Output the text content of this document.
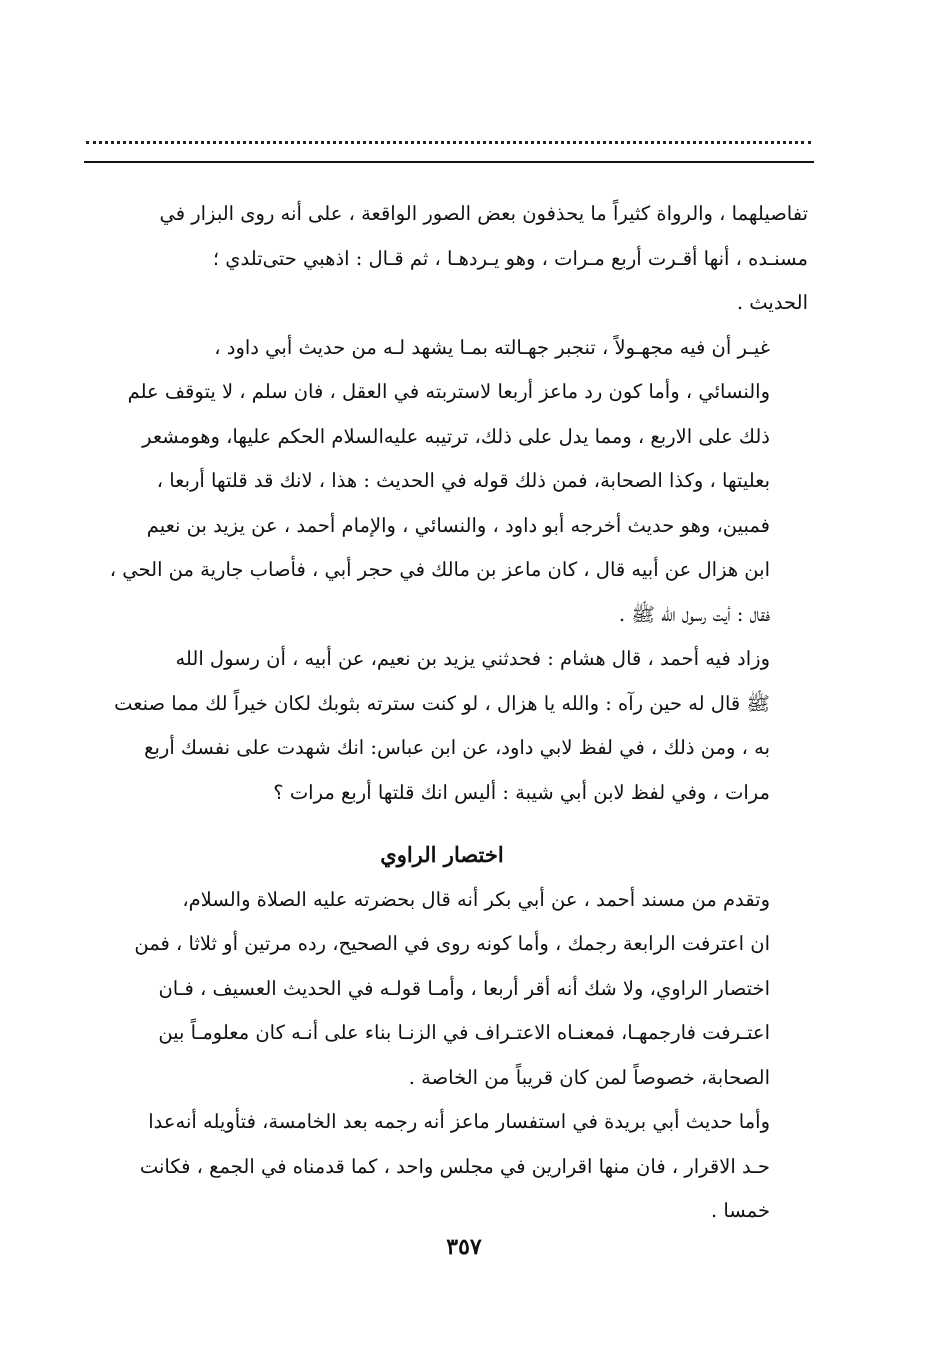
تفاصيلهما ، والرواة كثيراً ما يحذفون بعض الصور الواقعة ، على أنه روى البزار في
مسنـده ، أنها أقـرت أربع مـرات ، وهو يـردهـا ، ثم قـال : اذهبي حتى‌تلدي ؛
الحديث .

غيـر أن فيه مجهـولاً ، تنجبر جهـالته بمـا يشهد لـه من حديث أبي داود ،
والنسائي ، وأما كون رد ماعز أربعا لاستربته في العقل ، فان سلم ، لا يتوقف علم
ذلك على الاربع ، ومما يدل على ذلك، ترتيبه عليه‌السلام الحكم عليها، وهومشعر
بعليتها ، وكذا الصحابة، فمن ذلك قوله في الحديث : هذا ، لانك قد قلتها أربعا ،
فمبين، وهو حديث أخرجه أبو داود ، والنسائي ، والإمام أحمد ، عن يزيد بن نعيم
ابن هزال عن أبيه قال ، كان ماعز بن مالك في حجر أبي ، فأصاب جارية من الحي ،
فقال : أيت رسول الله ﷺ .

وزاد فيه أحمد ، قال هشام : فحدثني يزيد بن نعيم، عن أبيه ، أن رسول الله
ﷺ قال له حين رآه : والله يا هزال ، لو كنت سترته بثوبك لكان خيراً لك مما صنعت
به ، ومن ذلك ، في لفظ لابي داود، عن ابن عباس: انك شهدت على نفسك أربع
مرات ، وفي لفظ لابن أبي شيبة : أليس انك قلتها أربع مرات ؟

اختصار الراوي

وتقدم من مسند أحمد ، عن أبي بكر أنه قال بحضرته عليه الصلاة والسلام،
ان اعترفت الرابعة رجمك ، وأما كونه روى في الصحيح، رده مرتين أو ثلاثا ، فمن
اختصار الراوي، ولا شك أنه أقر أربعا ، وأمـا قولـه في الحديث العسيف ، فـان
اعتـرفت فارجمهـا، فمعنـاه الاعتـراف في الزنـا بناء على أنـه كان معلومـاً بين
الصحابة، خصوصاً لمن كان قريباً من الخاصة .

وأما حديث أبي بريدة في استفسار ماعز أنه رجمه بعد الخامسة، فتأويله أنه‌عدا
حـد الاقرار ، فان منها اقرارين في مجلس واحد ، كما قدمناه في الجمع ، فكانت
خمسا .

٣٥٧
